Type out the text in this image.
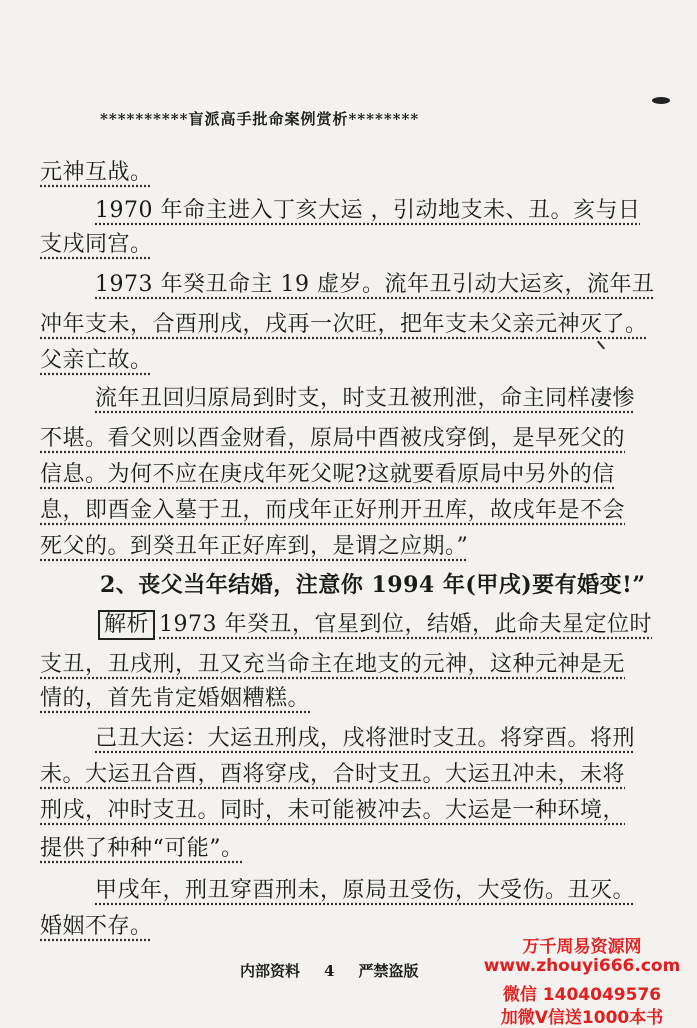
**********盲派高手批命案例赏析********
元神互战。
1970 年命主进入丁亥大运 ，引动地支未、丑。亥与日
支戌同宫。
1973 年癸丑命主 19 虚岁。流年丑引动大运亥，流年丑
冲年支未，合酉刑戌，戌再一次旺，把年支未父亲元神灭了。
父亲亡故。
流年丑回归原局到时支，时支丑被刑泄，命主同样凄惨
不堪。看父则以酉金财看，原局中酉被戌穿倒，是早死父的
信息。为何不应在庚戌年死父呢?这就要看原局中另外的信
息，即酉金入墓于丑，而戌年正好刑开丑库，故戌年是不会
死父的。到癸丑年正好库到，是谓之应期。”
2、丧父当年结婚，注意你 1994 年(甲戌)要有婚变!”
解析 1973 年癸丑，官星到位，结婚，此命夫星定位时
支丑，丑戌刑，丑又充当命主在地支的元神，这种元神是无
情的，首先肯定婚姻糟糕。
己丑大运：大运丑刑戌，戌将泄时支丑。将穿酉。将刑
未。大运丑合酉，酉将穿戌，合时支丑。大运丑冲未，未将
刑戌，冲时支丑。同时，未可能被冲去。大运是一种环境，
提供了种种“可能”。
甲戌年，刑丑穿酉刑未，原局丑受伤，大受伤。丑灭。
婚姻不存。
内部资料 4 严禁盗版
万千周易资源网
www.zhouyi666.com
微信 1404049576
加微V信送1000本书
